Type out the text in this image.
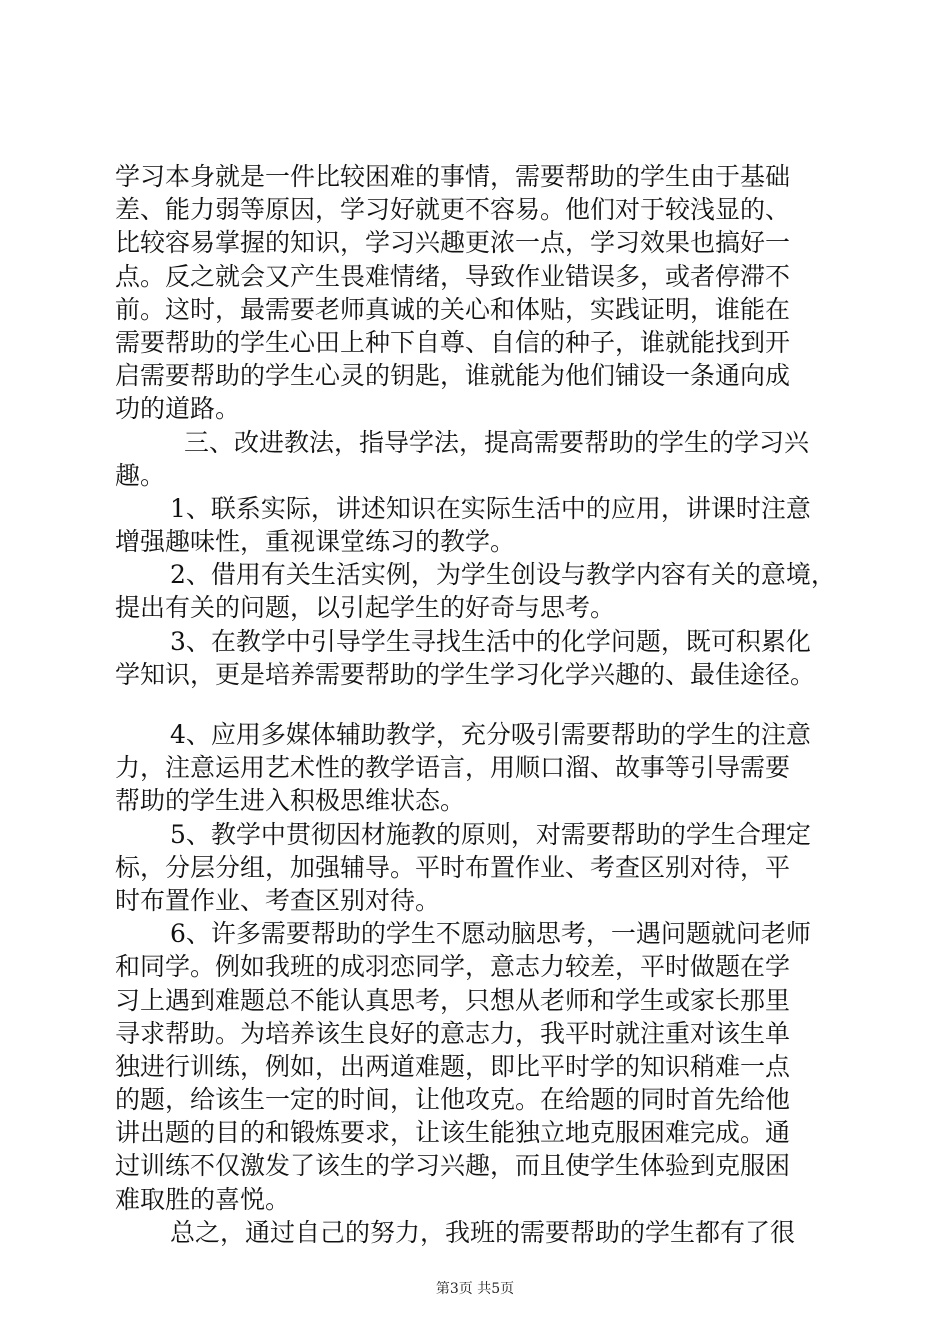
学习本身就是一件比较困难的事情，需要帮助的学生由于基础
差、能力弱等原因，学习好就更不容易。他们对于较浅显的、
比较容易掌握的知识，学习兴趣更浓一点，学习效果也搞好一
点。反之就会又产生畏难情绪，导致作业错误多，或者停滞不
前。这时，最需要老师真诚的关心和体贴，实践证明，谁能在
需要帮助的学生心田上种下自尊、自信的种子，谁就能找到开
启需要帮助的学生心灵的钥匙，谁就能为他们铺设一条通向成
功的道路。
三、改进教法，指导学法，提高需要帮助的学生的学习兴
趣。
1、联系实际，讲述知识在实际生活中的应用，讲课时注意
增强趣味性，重视课堂练习的教学。
2、借用有关生活实例，为学生创设与教学内容有关的意境，
提出有关的问题，以引起学生的好奇与思考。
3、在教学中引导学生寻找生活中的化学问题，既可积累化
学知识，更是培养需要帮助的学生学习化学兴趣的、最佳途径。
4、应用多媒体辅助教学，充分吸引需要帮助的学生的注意
力，注意运用艺术性的教学语言，用顺口溜、故事等引导需要
帮助的学生进入积极思维状态。
5、教学中贯彻因材施教的原则，对需要帮助的学生合理定
标，分层分组，加强辅导。平时布置作业、考查区别对待，平
时布置作业、考查区别对待。
6、许多需要帮助的学生不愿动脑思考，一遇问题就问老师
和同学。例如我班的成羽恋同学，意志力较差，平时做题在学
习上遇到难题总不能认真思考，只想从老师和学生或家长那里
寻求帮助。为培养该生良好的意志力，我平时就注重对该生单
独进行训练，例如，出两道难题，即比平时学的知识稍难一点
的题，给该生一定的时间，让他攻克。在给题的同时首先给他
讲出题的目的和锻炼要求，让该生能独立地克服困难完成。通
过训练不仅激发了该生的学习兴趣，而且使学生体验到克服困
难取胜的喜悦。
总之，通过自己的努力，我班的需要帮助的学生都有了很
第3页 共5页
